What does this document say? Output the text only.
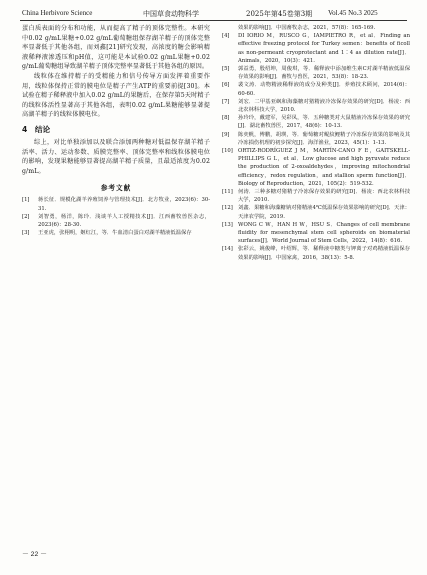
China Herbivore Science	中国草食动物科学	2025年第45卷第3期 Vol.45 No.3 2025

蛋白质表面的分布和功能，从而提高了精子的顶体完整性。本研究中0.02 g/mL果糖+0.02 g/mL葡萄糖组保存湖羊精子的顶体完整率显著低于其他各组，而刘鑫[21]研究发现，高浓度的糖会影响精液稀释液渗透压和pH值，这可能是本试验0.02 g/mL果糖+0.02 g/mL葡萄糖组导致湖羊精子顶体完整率显著低于其他各组的原因。

线粒体在维持精子的受精能力和信号传导方面发挥着重要作用，线粒体保持正常的膜电位是精子产生ATP的重要前提[30]。本试验在精子稀释液中加入0.02 g/mL的果糖后，在保存第5天时精子的线粒体活性显著高于其他各组，表明0.02 g/mL果糖能够显著提高湖羊精子的线粒体膜电位。

4　结论

综上，对比单独添加以及联合添加两种糖对低温保存湖羊精子活率、活力、运动参数、质膜完整率、顶体完整率和线粒体膜电位的影响，发现果糖能够显著提高湖羊精子质量，且最适浓度为0.02 g/mL。

参考文献
[1] 蒋长征．规模化湖羊养殖饲养与管理技术[J]．北方牧业，2023(6)：30-31.
[2] 刘智勇，杨洋，陈玲．浅谈羊人工授精技术[J]．江西畜牧兽医杂志，2023(6)：28-30.
[3] 王亚虎，张栩明，姬红江，等．牛血清白蛋白对湖羊精液低温保存
效果的影响[J]．中国畜牧杂志，2021，57(8)：165-169.
[4] DI IORIO M，RUSCO G，IAMPIETRO R，et al．Finding an effective freezing protocol for Turkey semen：benefits of ficoll as non-permeant cryoprotectant and 1∶4 as dilution rate[J]．Animals，2020，10(3)：421.
[5] 郭益勇，殷绍坤，周俊琪，等．稀释液中添加维生素C对湖羊精液低温保存效果的影响[J]．畜牧与兽医，2021，53(8)：18-23.
[6] 裴文涛．动物精液稀释液的成分及种类[J]．养殖技术顾问，2014(6)：60-60.
[7] 刘宏．二甲基亚砜和海藻糖对猪精液冷冻保存效果的研究[D]．杨凌：西北农林科技大学，2010.
[8] 孙玲玲，戴建军，吴彩凤，等．五种糖类对大鼠精液冷冻保存效果的研究[J]．湖北畜牧兽医，2017，48(6)：10-13.
[9] 陈奕帆，傅鹏，胡瑛，等．葡萄糖对鳀紋鲤精子冷冻保存效果的影响及其冷冻损伤机理的初步探究[J]．海洋渔业，2023，45(1)：1-13.
[10] ORTIZ-RODRÍGUEZ J M，MARTÍN-CANO F E，GAITSKELL-PHILLIPS G L，et al．Low glucose and high pyruvate reduce the production of 2-oxoaldehydes，improving mitochondrial efficiency，redox regulation，and stallion sperm function[J]．Biology of Reproduction，2021，105(2)：519-532.
[11] 何涛．三种多糖对猪精子冷冻保存效果的研究[D]．杨凌：西北农林科技大学，2010.
[12] 刘鑫．果糖和海藻糖钠对猪精液4℃低温保存效果影响的研究[D]．天津：天津农学院，2019.
[13] WONG C W，HAN H W，HSU S．Changes of cell membrane fluidity for mesenchymal stem cell spheroids on biomaterial surfaces[J]．World Journal of Stem Cells，2022，14(8)：616.
[14] 张彩云，姚俊峰，叶绍辉，等．稀释液中糖类与钾离子对鸡精液低温保存效果的影响[J]．中国家禽，2016，38(13)：5-8.
－ 22 －
